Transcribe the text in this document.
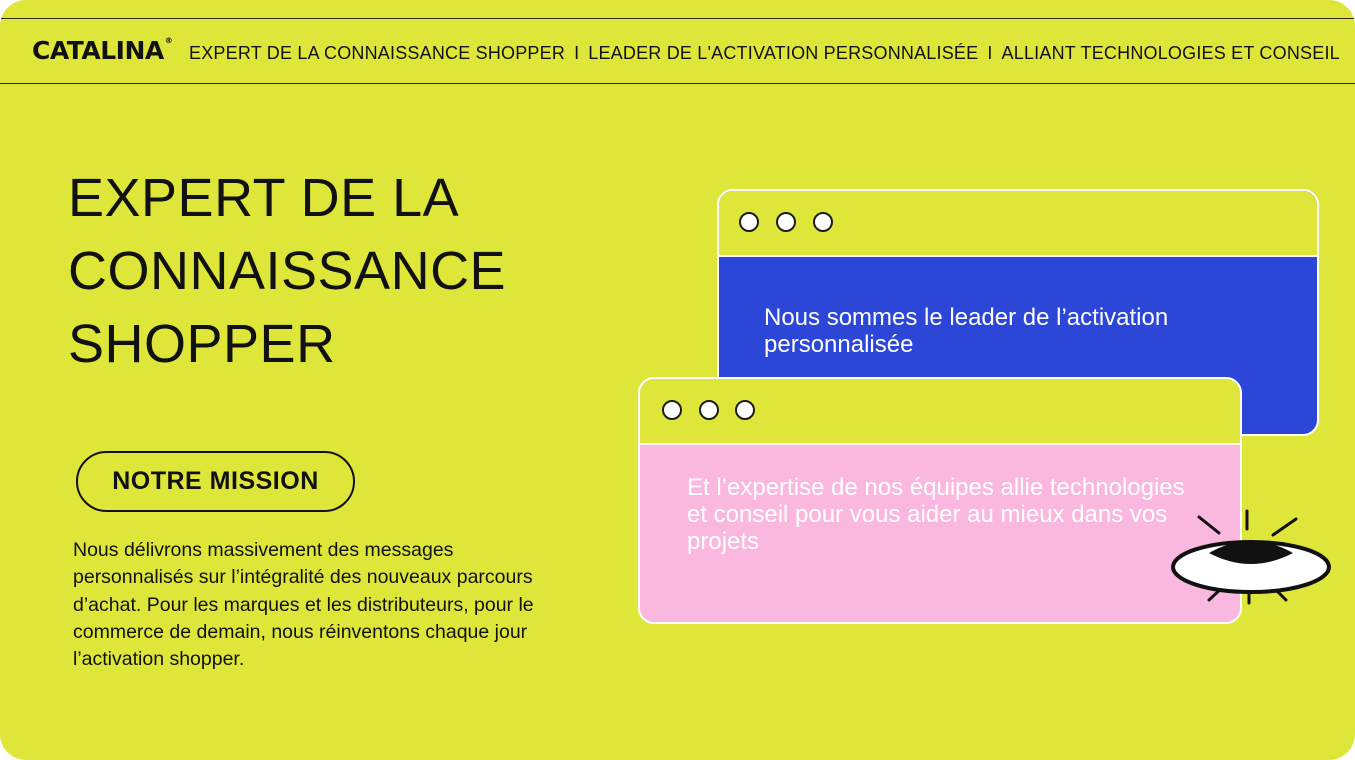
CATALINA®
EXPERT DE LA CONNAISSANCE SHOPPER I LEADER DE L'ACTIVATION PERSONNALISÉE I ALLIANT TECHNOLOGIES ET CONSEIL
EXPERT DE LA
CONNAISSANCE
SHOPPER
NOTRE MISSION

Nous délivrons massivement des messages personnalisés sur l’intégralité des nouveaux parcours d’achat. Pour les marques et les distributeurs, pour le commerce de demain, nous réinventons chaque jour l’activation shopper.

Nous sommes le leader de l’activation personnalisée

Et l’expertise de nos équipes allie technologies et conseil pour vous aider au mieux dans vos projets
